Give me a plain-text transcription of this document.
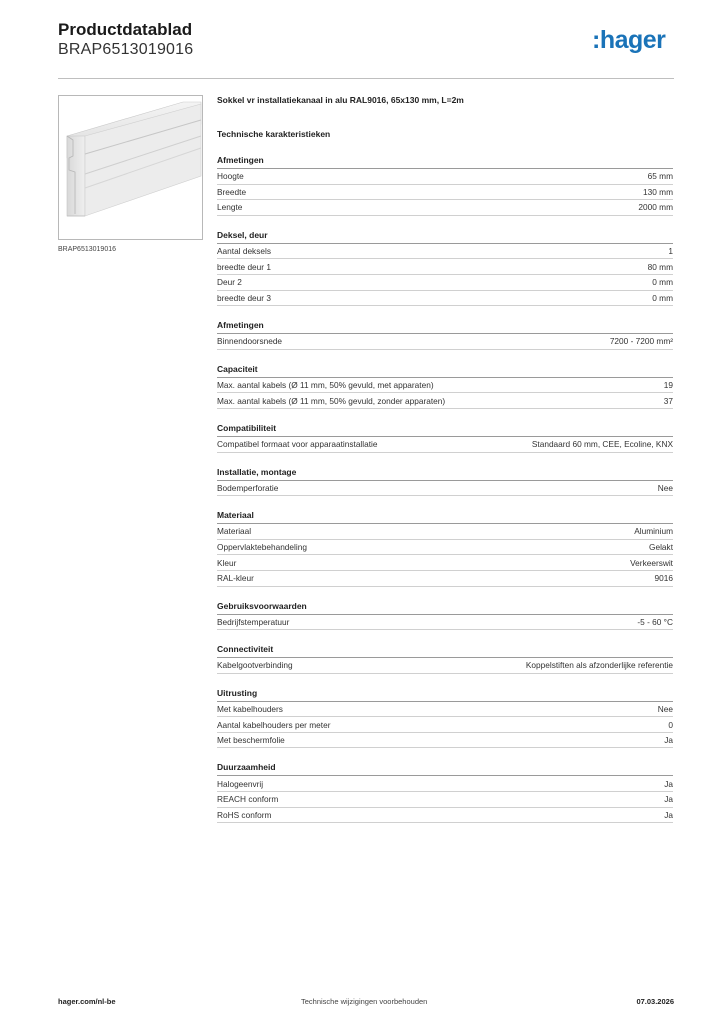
Productdatablad
BRAP6513019016	:hager
BRAP6513019016
Sokkel vr installatiekanaal in alu RAL9016, 65x130 mm, L=2m
Technische karakteristieken
Afmetingen
Hoogte	65 mm
Breedte	130 mm
Lengte	2000 mm
Deksel, deur
Aantal deksels	1
breedte deur 1	80 mm
Deur 2	0 mm
breedte deur 3	0 mm
Afmetingen
Binnendoorsnede	7200 - 7200 mm²
Capaciteit
Max. aantal kabels (Ø 11 mm, 50% gevuld, met apparaten)	19
Max. aantal kabels (Ø 11 mm, 50% gevuld, zonder apparaten)	37
Compatibiliteit
Compatibel formaat voor apparaatinstallatie	Standaard 60 mm, CEE, Ecoline, KNX
Installatie, montage
Bodemperforatie	Nee
Materiaal
Materiaal	Aluminium
Oppervlaktebehandeling	Gelakt
Kleur	Verkeerswit
RAL-kleur	9016
Gebruiksvoorwaarden
Bedrijfstemperatuur	-5 - 60 °C
Connectiviteit
Kabelgootverbinding	Koppelstiften als afzonderlijke referentie
Uitrusting
Met kabelhouders	Nee
Aantal kabelhouders per meter	0
Met beschermfolie	Ja
Duurzaamheid
Halogeenvrij	Ja
REACH conform	Ja
RoHS conform	Ja
hager.com/nl-be	Technische wijzigingen voorbehouden	07.03.2026
